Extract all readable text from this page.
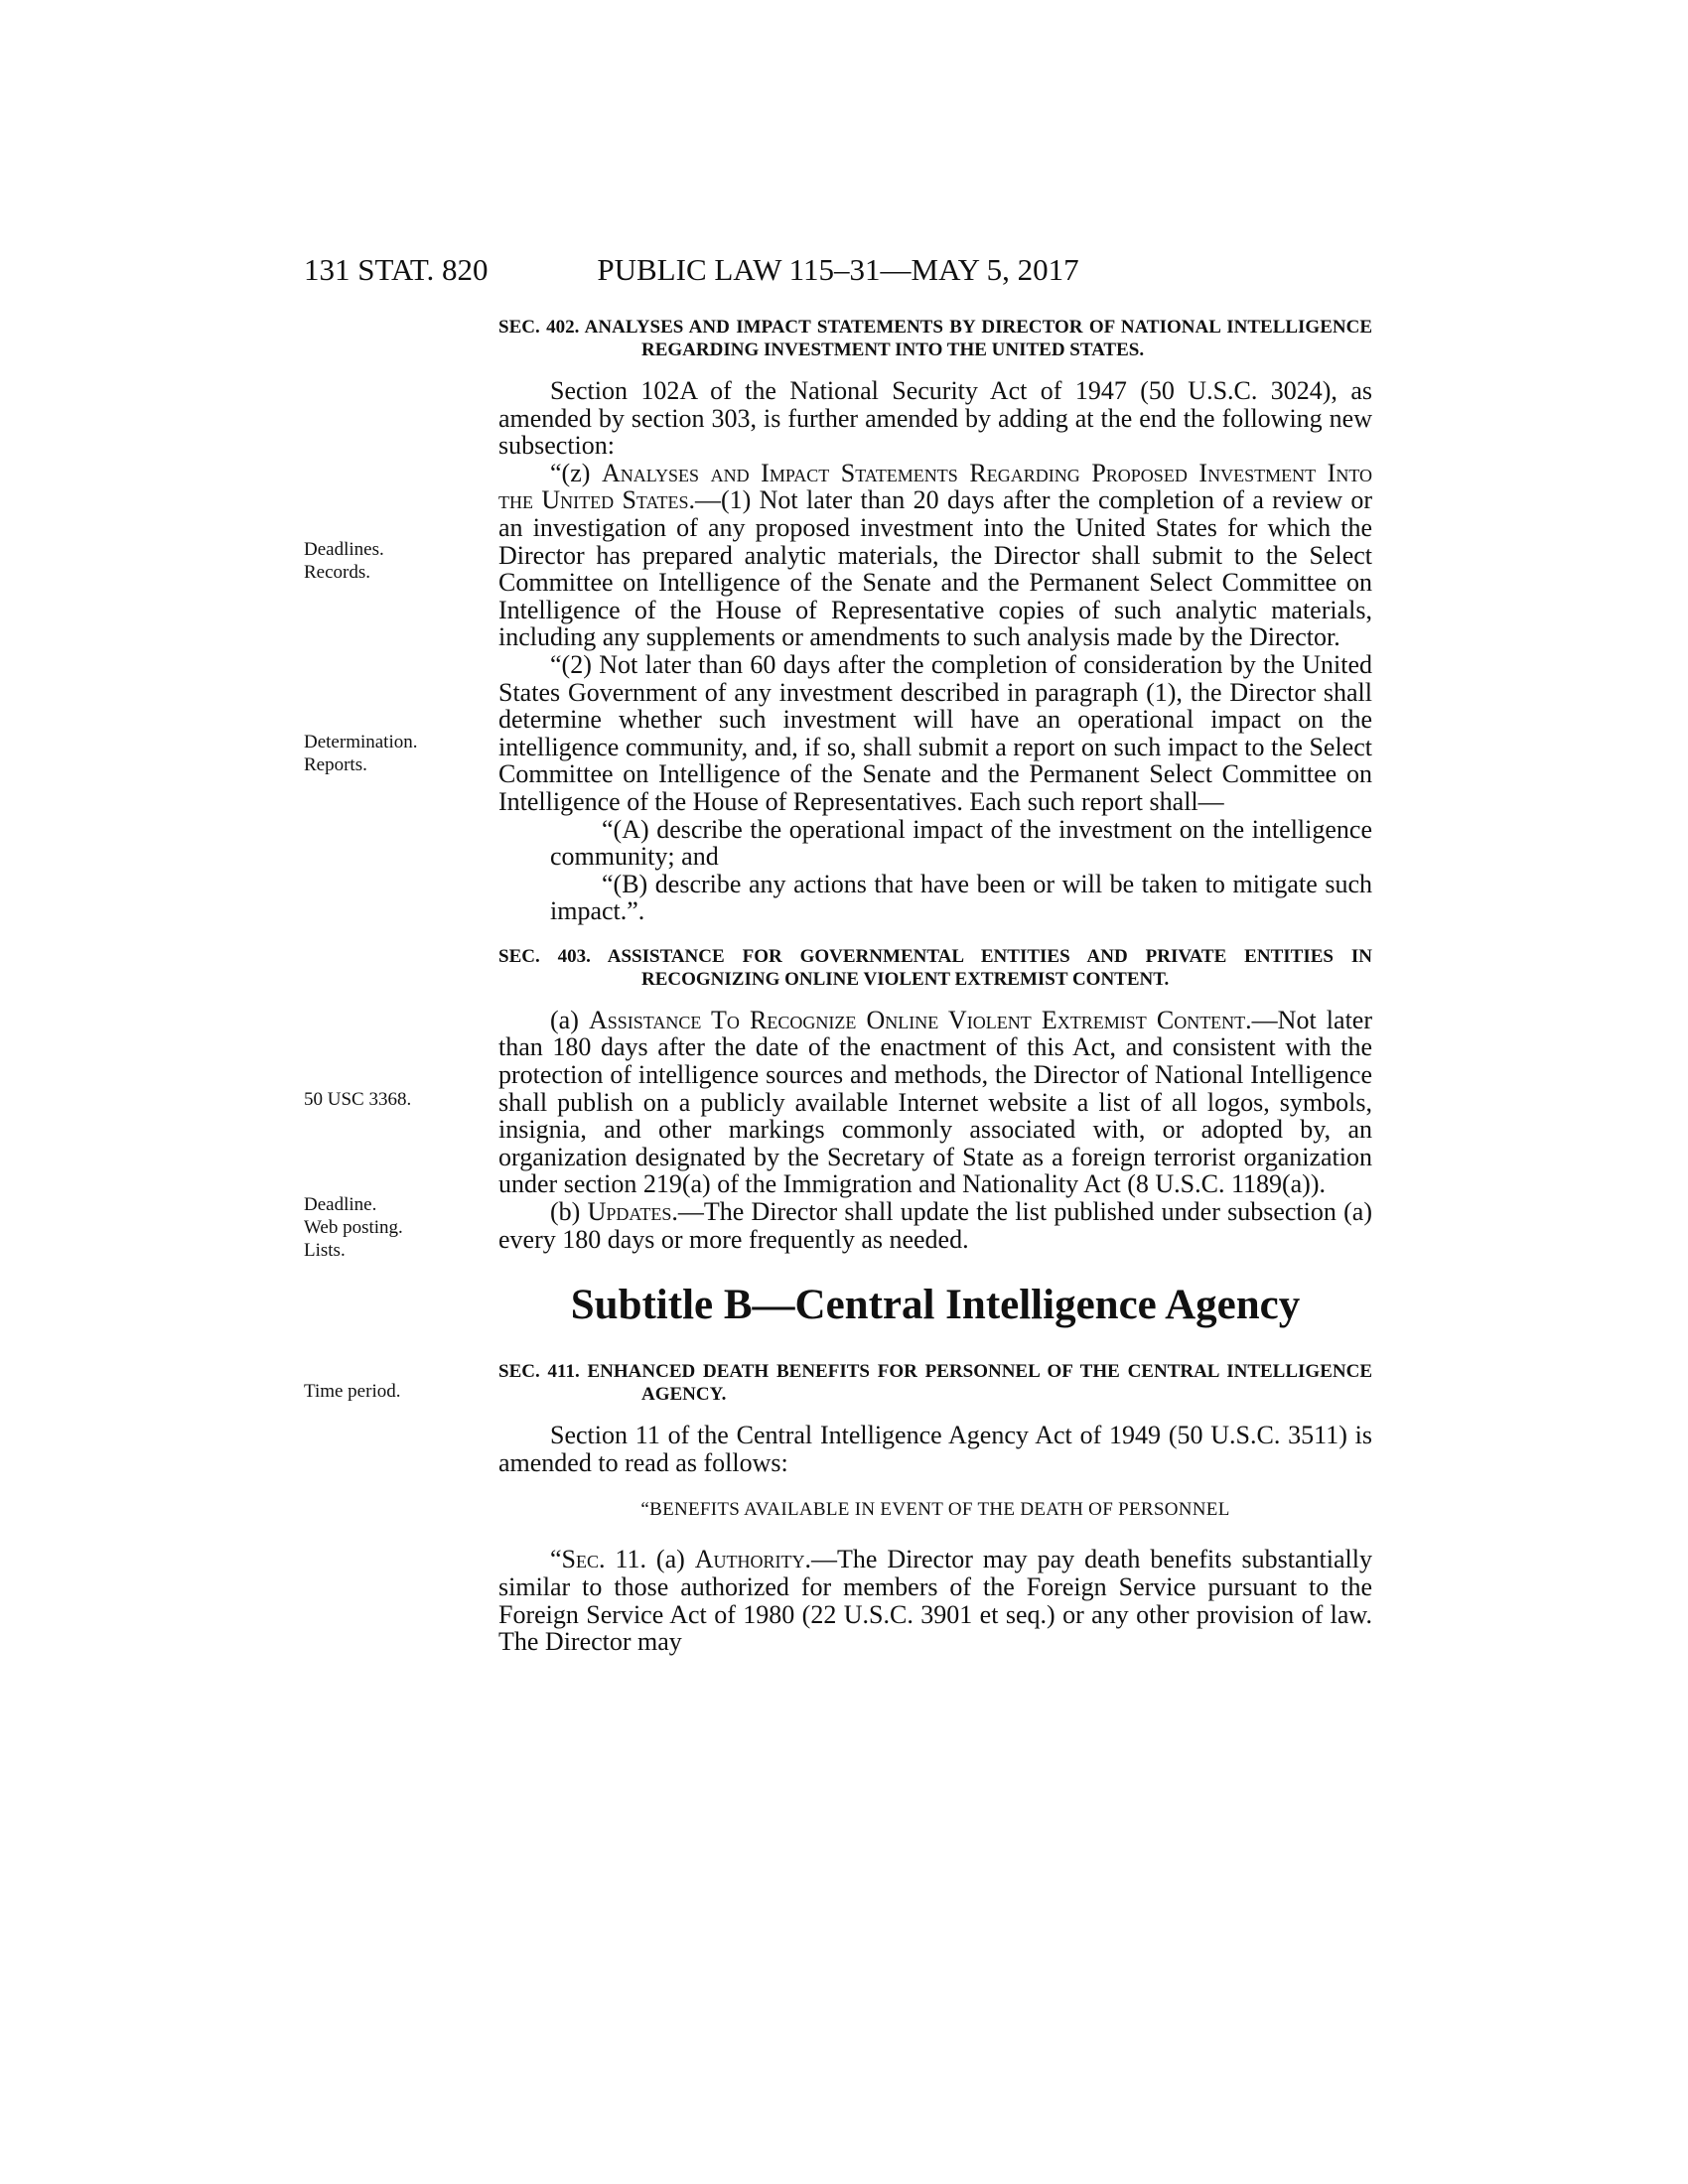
131 STAT. 820	PUBLIC LAW 115–31—MAY 5, 2017
Deadlines.
Records.
Determination.
Reports.
50 USC 3368.
Deadline.
Web posting.
Lists.
Time period.
SEC. 402. ANALYSES AND IMPACT STATEMENTS BY DIRECTOR OF NATIONAL INTELLIGENCE REGARDING INVESTMENT INTO THE UNITED STATES.

Section 102A of the National Security Act of 1947 (50 U.S.C. 3024), as amended by section 303, is further amended by adding at the end the following new subsection:

“(z) Analyses and Impact Statements Regarding Proposed Investment Into the United States.—(1) Not later than 20 days after the completion of a review or an investigation of any proposed investment into the United States for which the Director has prepared analytic materials, the Director shall submit to the Select Committee on Intelligence of the Senate and the Permanent Select Committee on Intelligence of the House of Representative copies of such analytic materials, including any supplements or amendments to such analysis made by the Director.

“(2) Not later than 60 days after the completion of consideration by the United States Government of any investment described in paragraph (1), the Director shall determine whether such investment will have an operational impact on the intelligence community, and, if so, shall submit a report on such impact to the Select Committee on Intelligence of the Senate and the Permanent Select Committee on Intelligence of the House of Representatives. Each such report shall—

“(A) describe the operational impact of the investment on the intelligence community; and

“(B) describe any actions that have been or will be taken to mitigate such impact.”.

SEC. 403. ASSISTANCE FOR GOVERNMENTAL ENTITIES AND PRIVATE ENTITIES IN RECOGNIZING ONLINE VIOLENT EXTREMIST CONTENT.

(a) Assistance To Recognize Online Violent Extremist Content.—Not later than 180 days after the date of the enactment of this Act, and consistent with the protection of intelligence sources and methods, the Director of National Intelligence shall publish on a publicly available Internet website a list of all logos, symbols, insignia, and other markings commonly associated with, or adopted by, an organization designated by the Secretary of State as a foreign terrorist organization under section 219(a) of the Immigration and Nationality Act (8 U.S.C. 1189(a)).

(b) Updates.—The Director shall update the list published under subsection (a) every 180 days or more frequently as needed.

Subtitle B—Central Intelligence Agency
SEC. 411. ENHANCED DEATH BENEFITS FOR PERSONNEL OF THE CENTRAL INTELLIGENCE AGENCY.

Section 11 of the Central Intelligence Agency Act of 1949 (50 U.S.C. 3511) is amended to read as follows:

“BENEFITS AVAILABLE IN EVENT OF THE DEATH OF PERSONNEL

“Sec. 11. (a) Authority.—The Director may pay death benefits substantially similar to those authorized for members of the Foreign Service pursuant to the Foreign Service Act of 1980 (22 U.S.C. 3901 et seq.) or any other provision of law. The Director may
